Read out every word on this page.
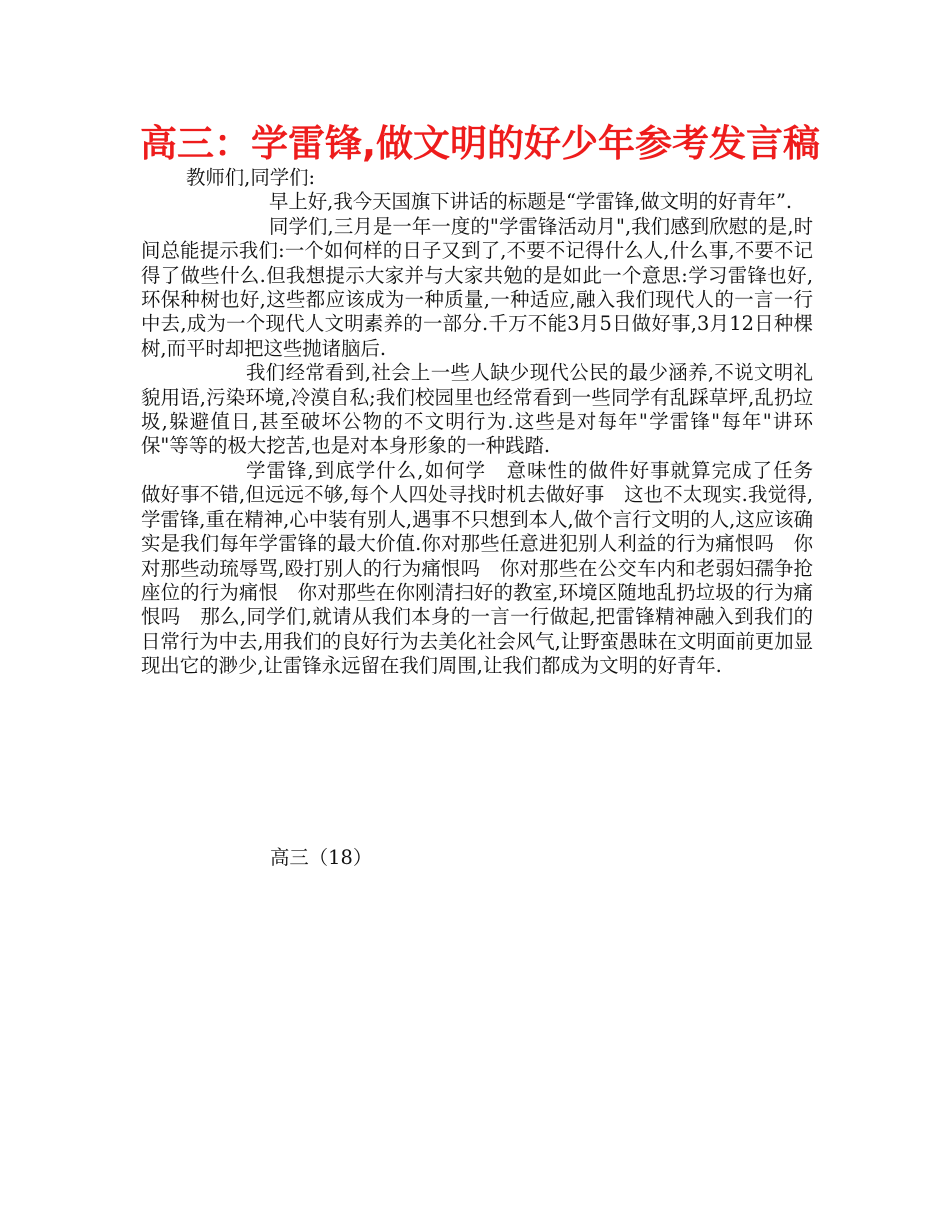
高三：学雷锋,做文明的好少年参考发言稿

教师们,同学们:

早上好,我今天国旗下讲话的标题是“学雷锋,做文明的好青年”.

同学们,三月是一年一度的"学雷锋活动月",我们感到欣慰的是,时间总能提示我们:一个如何样的日子又到了,不要不记得什么人,什么事,不要不记得了做些什么.但我想提示大家并与大家共勉的是如此一个意思:学习雷锋也好,环保种树也好,这些都应该成为一种质量,一种适应,融入我们现代人的一言一行中去,成为一个现代人文明素养的一部分.千万不能3月5日做好事,3月12日种棵树,而平时却把这些抛诸脑后.

我们经常看到,社会上一些人缺少现代公民的最少涵养,不说文明礼貌用语,污染环境,冷漠自私;我们校园里也经常看到一些同学有乱踩草坪,乱扔垃圾,躲避值日,甚至破坏公物的不文明行为.这些是对每年"学雷锋"每年"讲环保"等等的极大挖苦,也是对本身形象的一种践踏.

学雷锋,到底学什么,如何学　意味性的做件好事就算完成了任务　做好事不错,但远远不够,每个人四处寻找时机去做好事　这也不太现实.我觉得,学雷锋,重在精神,心中装有别人,遇事不只想到本人,做个言行文明的人,这应该确实是我们每年学雷锋的最大价值.你对那些任意进犯别人利益的行为痛恨吗　你对那些动琉辱骂,殴打别人的行为痛恨吗　你对那些在公交车内和老弱妇孺争抢座位的行为痛恨　你对那些在你刚清扫好的教室,环境区随地乱扔垃圾的行为痛恨吗　那么,同学们,就请从我们本身的一言一行做起,把雷锋精神融入到我们的日常行为中去,用我们的良好行为去美化社会风气,让野蛮愚昧在文明面前更加显现出它的渺少,让雷锋永远留在我们周围,让我们都成为文明的好青年.

高三（18）
